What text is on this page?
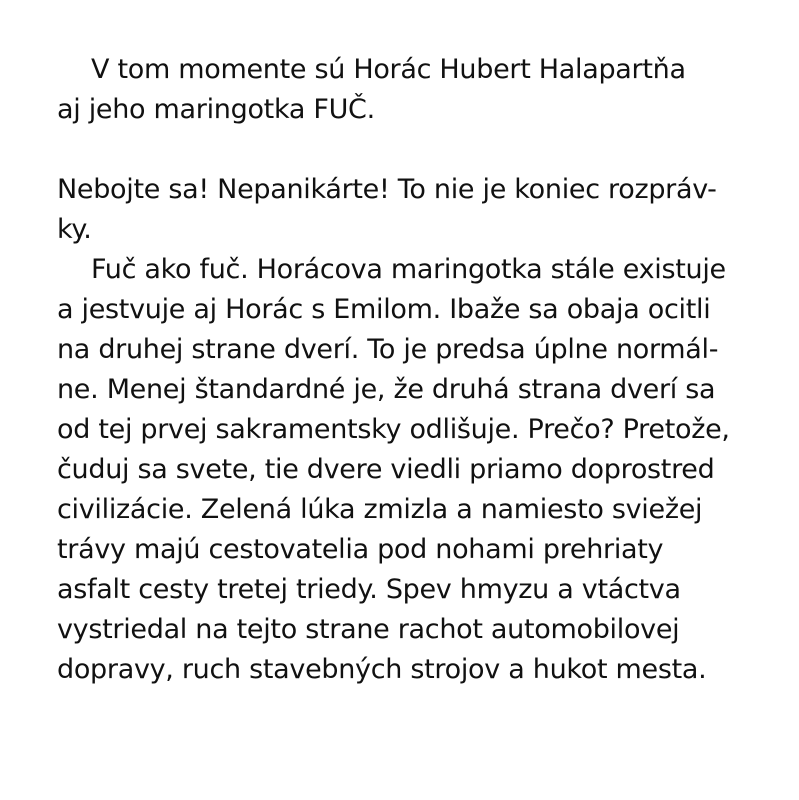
V tom momente sú Horác Hubert Halapartňa
aj jeho maringotka FUČ.
Nebojte sa! Nepanikárte! To nie je koniec rozpráv-
ky.
Fuč ako fuč. Horácova maringotka stále existuje
a jestvuje aj Horác s Emilom. Ibaže sa obaja ocitli
na druhej strane dverí. To je predsa úplne normál-
ne. Menej štandardné je, že druhá strana dverí sa
od tej prvej sakramentsky odlišuje. Prečo? Pretože,
čuduj sa svete, tie dvere viedli priamo doprostred
civilizácie. Zelená lúka zmizla a namiesto sviežej
trávy majú cestovatelia pod nohami prehriaty
asfalt cesty tretej triedy. Spev hmyzu a vtáctva
vystriedal na tejto strane rachot automobilovej
dopravy, ruch stavebných strojov a hukot mesta.
